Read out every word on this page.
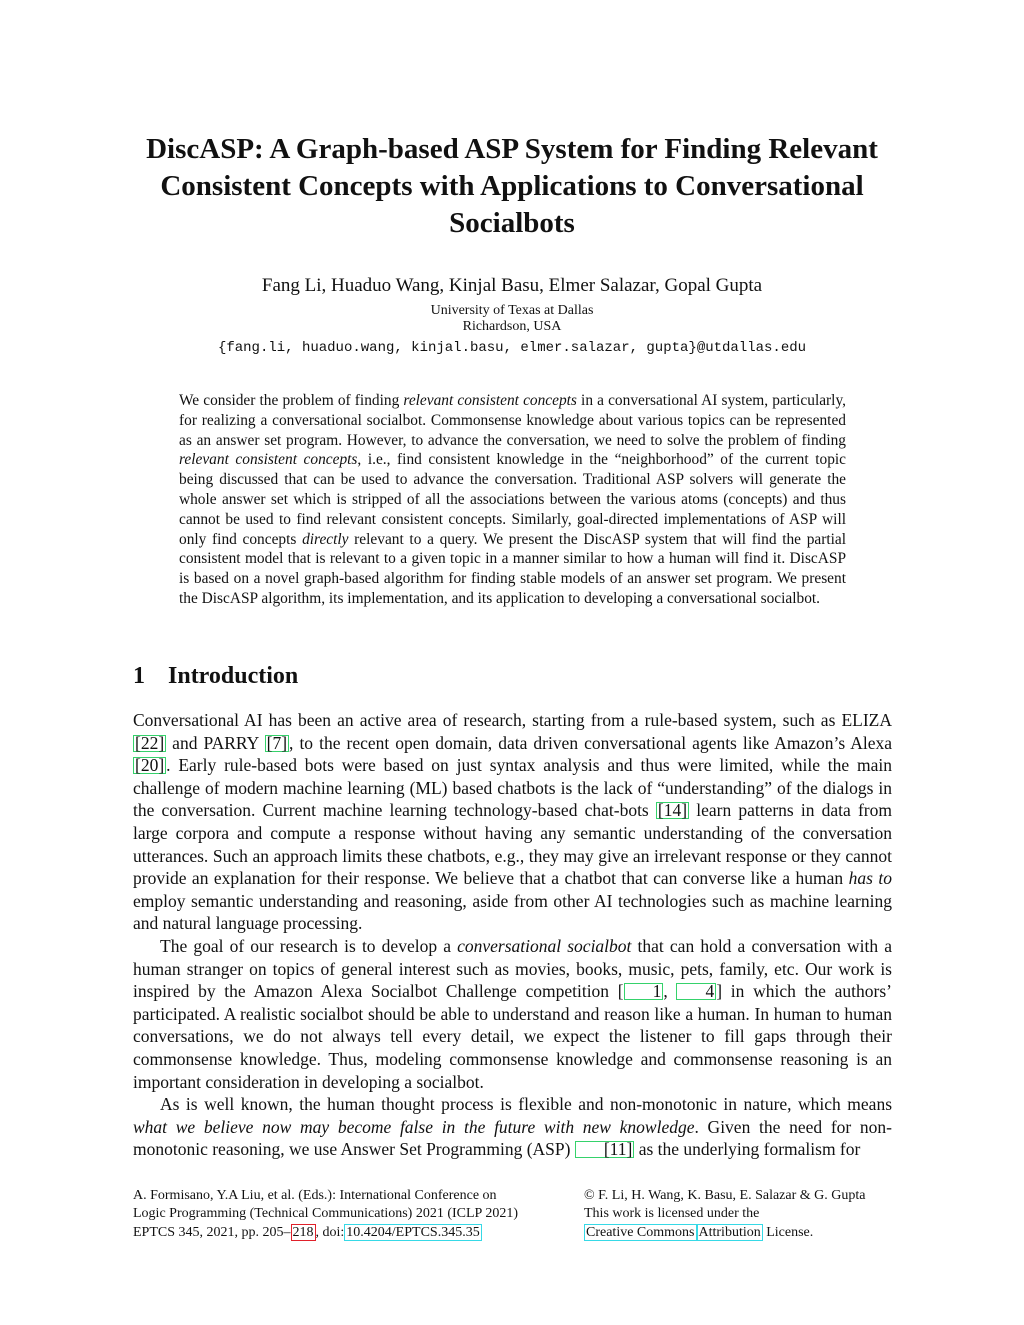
DiscASP: A Graph-based ASP System for Finding Relevant
Consistent Concepts with Applications to Conversational
Socialbots
Fang Li, Huaduo Wang, Kinjal Basu, Elmer Salazar, Gopal Gupta
University of Texas at Dallas
Richardson, USA
{fang.li, huaduo.wang, kinjal.basu, elmer.salazar, gupta}@utdallas.edu

We consider the problem of finding relevant consistent concepts in a conversational AI system, particularly, for realizing a conversational socialbot. Commonsense knowledge about various topics can be represented as an answer set program. However, to advance the conversation, we need to solve the problem of finding relevant consistent concepts, i.e., find consistent knowledge in the “neighborhood” of the current topic being discussed that can be used to advance the conversation. Traditional ASP solvers will generate the whole answer set which is stripped of all the associations between the various atoms (concepts) and thus cannot be used to find relevant consistent concepts. Similarly, goal-directed implementations of ASP will only find concepts directly relevant to a query. We present the DiscASP system that will find the partial consistent model that is relevant to a given topic in a manner similar to how a human will find it. DiscASP is based on a novel graph-based algorithm for finding stable models of an answer set program. We present the DiscASP algorithm, its implementation, and its application to developing a conversational socialbot.

1 Introduction

Conversational AI has been an active area of research, starting from a rule-based system, such as ELIZA [22] and PARRY [7] , to the recent open domain, data driven conversational agents like Amazon’s Alexa [20] . Early rule-based bots were based on just syntax analysis and thus were limited, while the main challenge of modern machine learning (ML) based chatbots is the lack of “understanding” of the dialogs in the conversation. Current machine learning technology-based chat-bots [14] learn patterns in data from large corpora and compute a response without having any semantic understanding of the conversation utterances. Such an approach limits these chatbots, e.g., they may give an irrelevant response or they cannot provide an explanation for their response. We believe that a chatbot that can converse like a human has to employ semantic understanding and reasoning, aside from other AI technologies such as machine learning and natural language processing.

The goal of our research is to develop a conversational socialbot that can hold a conversation with a human stranger on topics of general interest such as movies, books, music, pets, family, etc. Our work is inspired by the Amazon Alexa Socialbot Challenge competition [ 1 , 4 ] in which the authors’ participated. A realistic socialbot should be able to understand and reason like a human. In human to human conversations, we do not always tell every detail, we expect the listener to fill gaps through their commonsense knowledge. Thus, modeling commonsense knowledge and commonsense reasoning is an important consideration in developing a socialbot.

As is well known, the human thought process is flexible and non-monotonic in nature, which means what we believe now may become false in the future with new knowledge. Given the need for non-monotonic reasoning, we use Answer Set Programming (ASP) [11] as the underlying formalism for

A. Formisano, Y.A Liu, et al. (Eds.): International Conference on
Logic Programming (Technical Communications) 2021 (ICLP 2021)
EPTCS 345, 2021, pp. 205– 218 , doi: 10.4204/EPTCS.345.35
© F. Li, H. Wang, K. Basu, E. Salazar & G. Gupta
This work is licensed under the
Creative Commons Attribution License.
